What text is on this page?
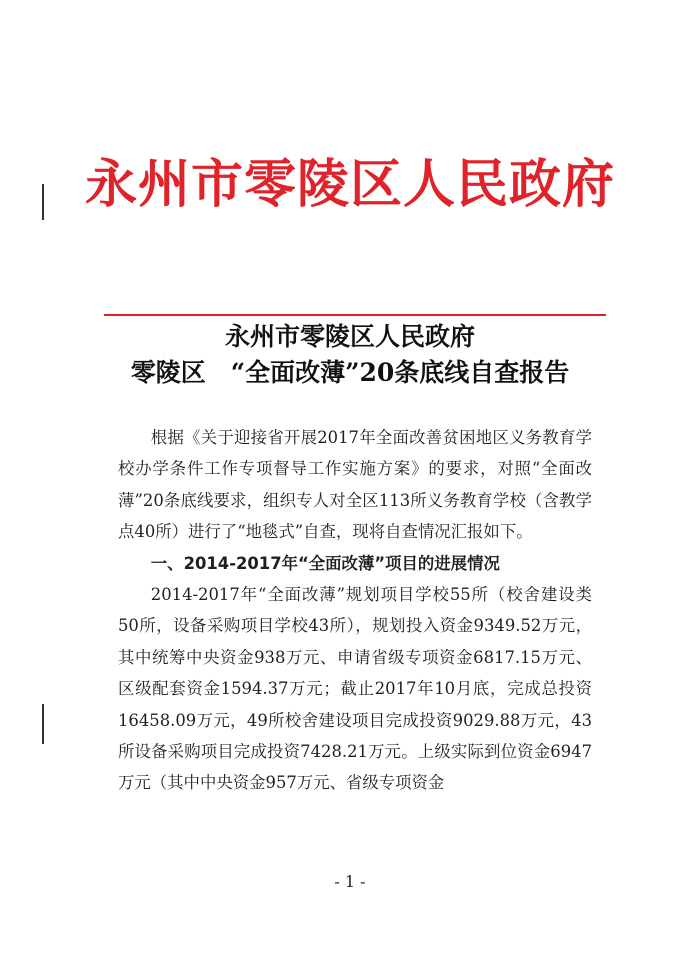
永州市零陵区人民政府
永州市零陵区人民政府
零陵区　“全面改薄”20条底线自查报告

根据《关于迎接省开展2017年全面改善贫困地区义务教育学校办学条件工作专项督导工作实施方案》的要求，对照“全面改薄”20条底线要求，组织专人对全区113所义务教育学校（含教学点40所）进行了“地毯式”自查，现将自查情况汇报如下。

一、2014-2017年“全面改薄”项目的进展情况

2014-2017年“全面改薄”规划项目学校55所（校舍建设类50所，设备采购项目学校43所），规划投入资金9349.52万元，其中统筹中央资金938万元、申请省级专项资金6817.15万元、区级配套资金1594.37万元；截止2017年10月底，完成总投资16458.09万元，49所校舍建设项目完成投资9029.88万元，43所设备采购项目完成投资7428.21万元。上级实际到位资金6947万元（其中中央资金957万元、省级专项资金

- 1 -
